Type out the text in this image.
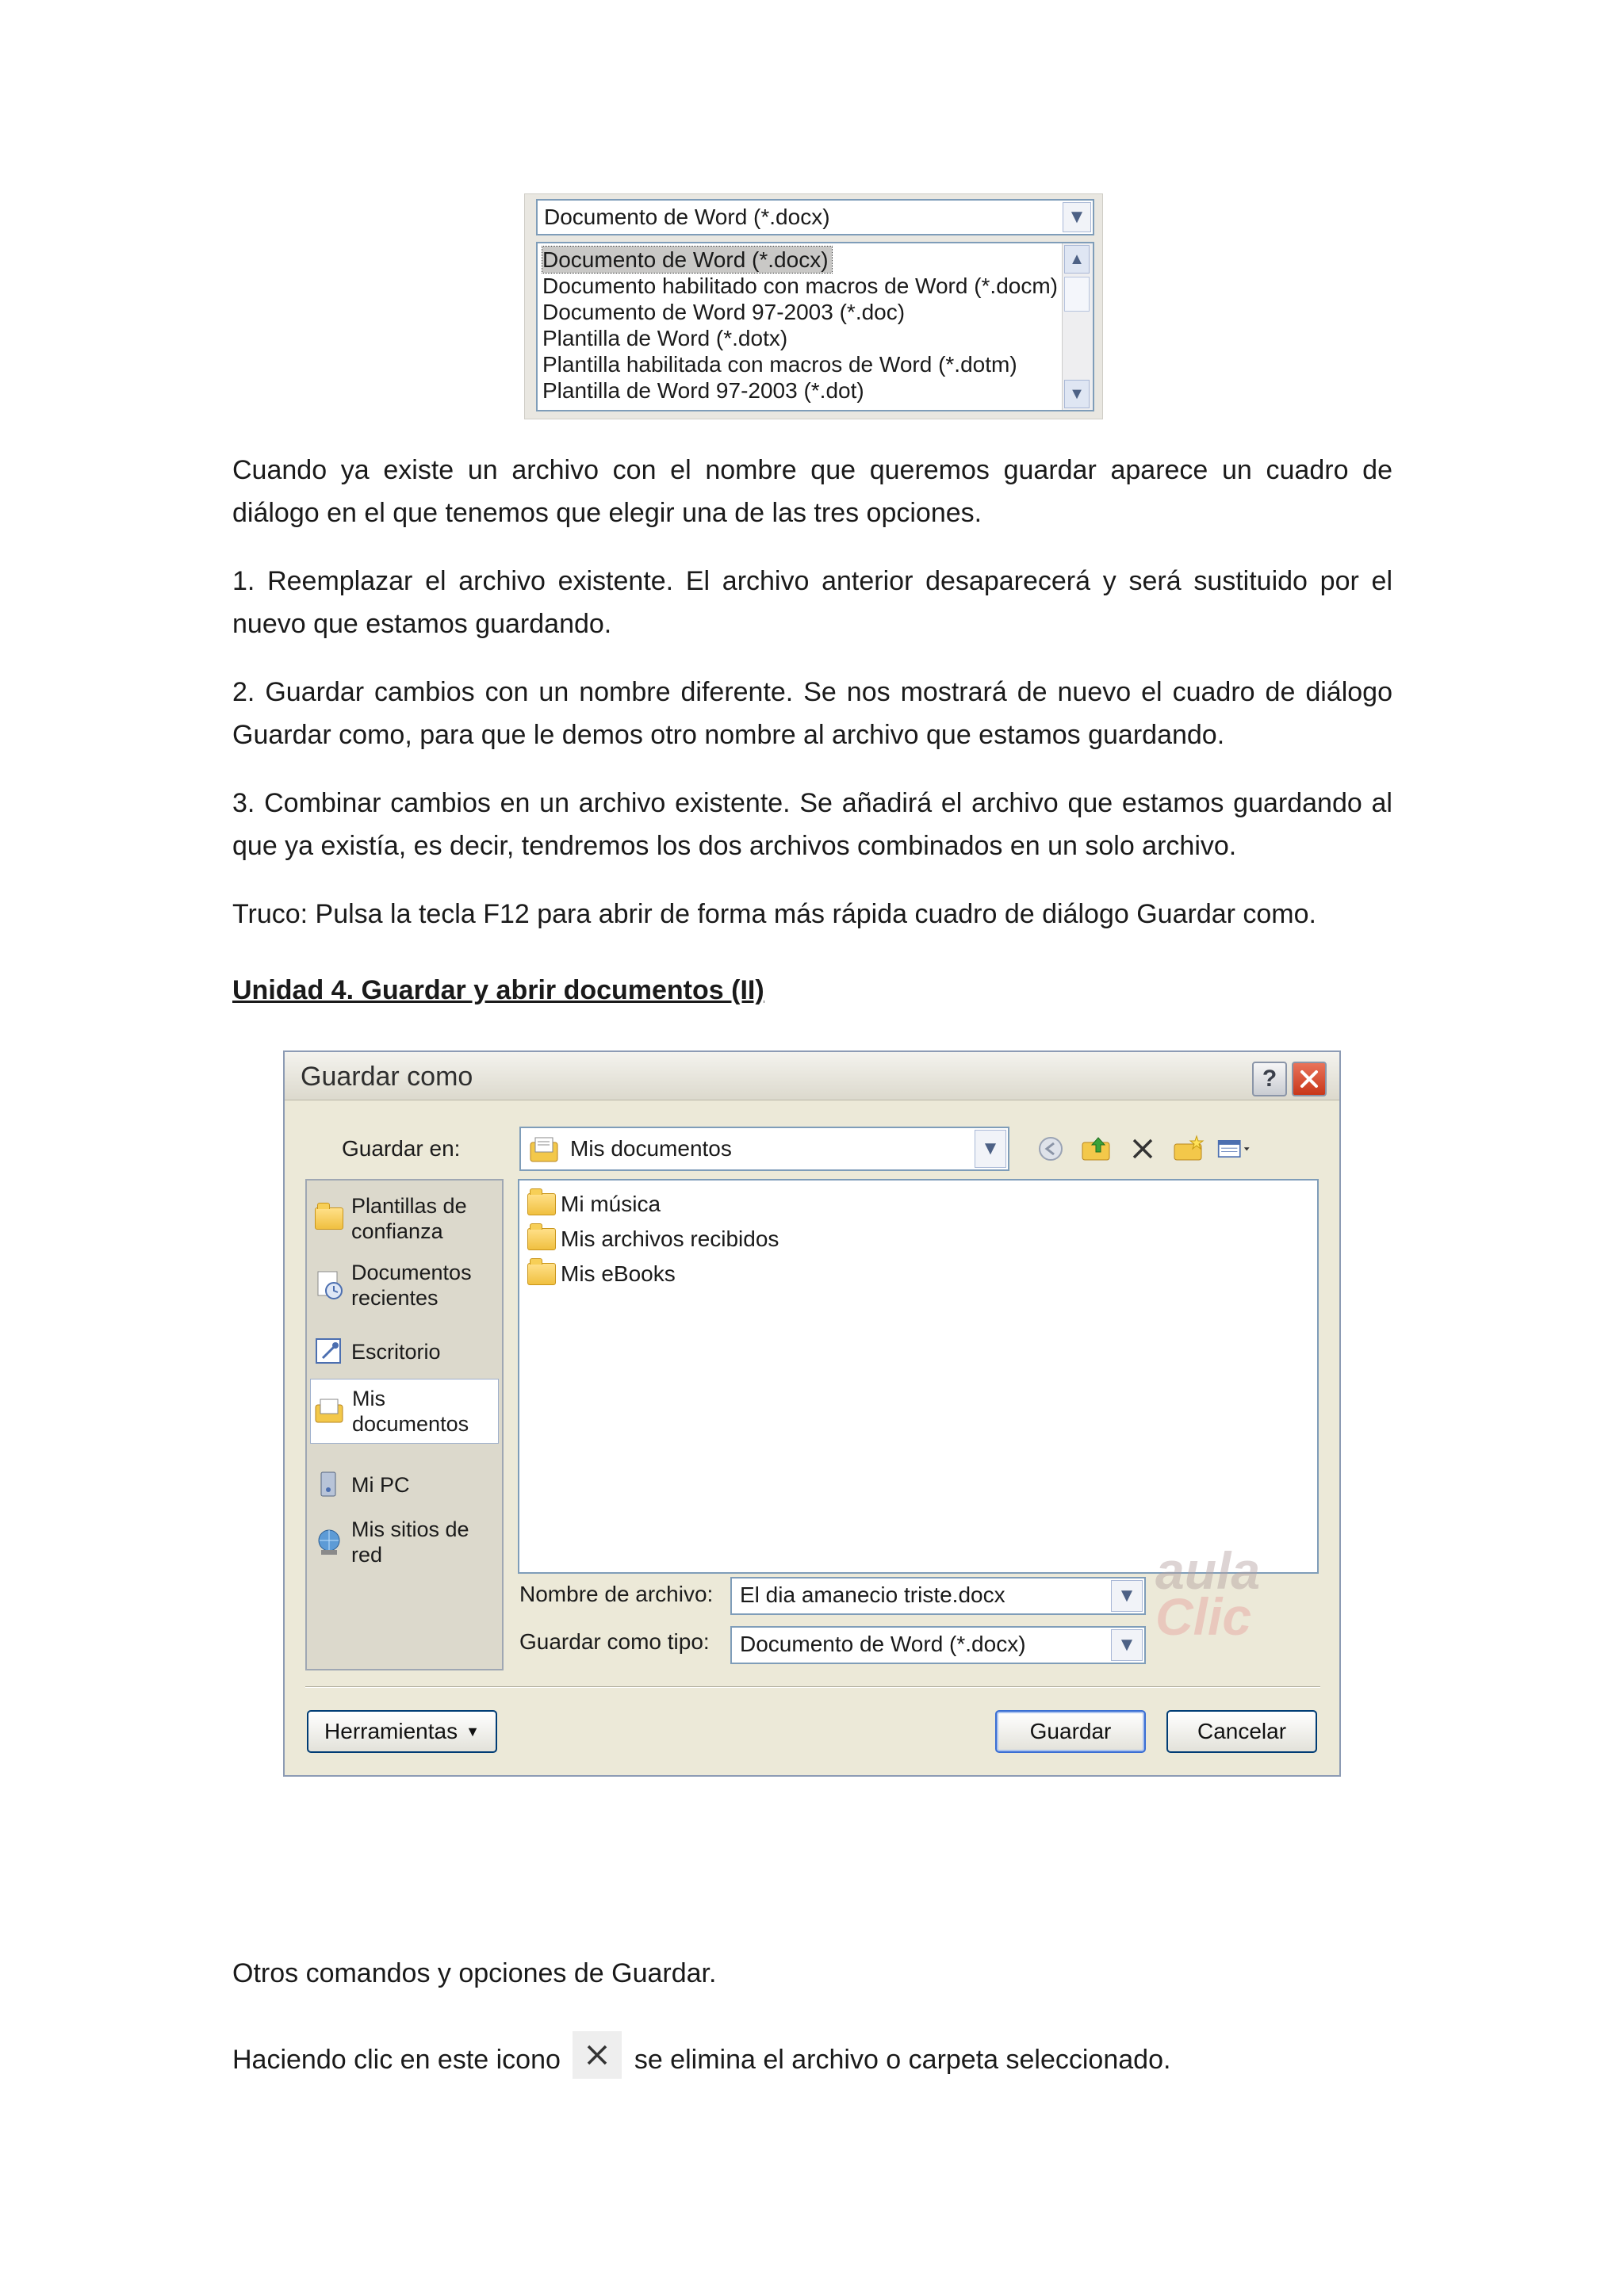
Documento de Word (*.docx)	▼
Documento de Word (*.docx)
Documento habilitado con macros de Word (*.docm)
Documento de Word 97-2003 (*.doc)
Plantilla de Word (*.dotx)
Plantilla habilitada con macros de Word (*.dotm)
Plantilla de Word 97-2003 (*.dot)
▲
▼

Cuando ya existe un archivo con el nombre que queremos guardar aparece un cuadro de diálogo en el que tenemos que elegir una de las tres opciones.

1. Reemplazar el archivo existente. El archivo anterior desaparecerá y será sustituido por el nuevo que estamos guardando.

2. Guardar cambios con un nombre diferente. Se nos mostrará de nuevo el cuadro de diálogo Guardar como, para que le demos otro nombre al archivo que estamos guardando.

3. Combinar cambios en un archivo existente. Se añadirá el archivo que estamos guardando al que ya existía, es decir, tendremos los dos archivos combinados en un solo archivo.

Truco: Pulsa la tecla F12 para abrir de forma más rápida cuadro de diálogo Guardar como.

Unidad 4. Guardar y abrir documentos (II)

Guardar como	?
Guardar en:	Mis documentos	▼
Plantillas de confianza
Documentos recientes
Escritorio
Mis documentos
Mi PC
Mis sitios de red
Mi música
Mis archivos recibidos
Mis eBooks
Nombre de archivo: El dia amanecio triste.docx	▼
Guardar como tipo: Documento de Word (*.docx)	▼
aula
Clic
Herramientas ▼	Guardar	Cancelar

Otros comandos y opciones de Guardar.

Haciendo clic en este icono	se elimina el archivo o carpeta seleccionado.
